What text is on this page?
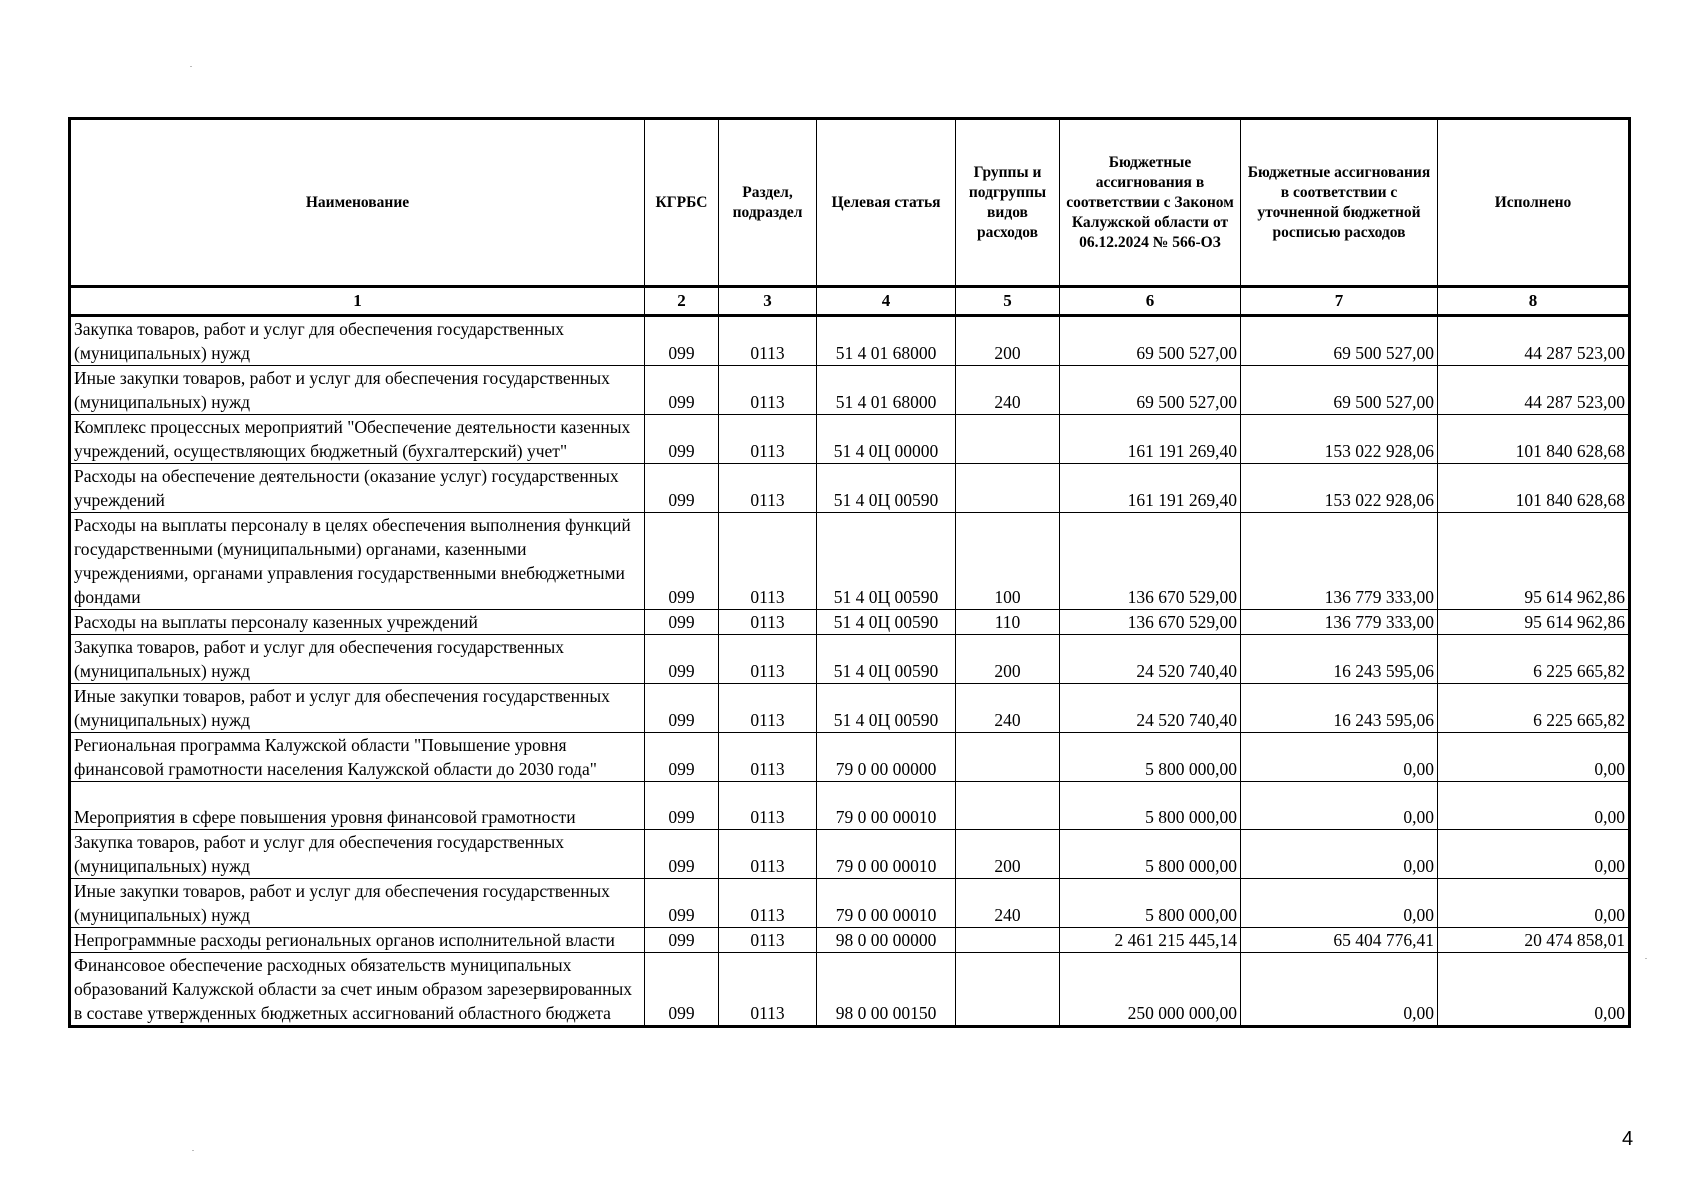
Наименование	КГРБС	Раздел, подраздел	Целевая статья	Группы и подгруппы видов расходов	Бюджетные ассигнования в соответствии с Законом Калужской области от 06.12.2024 № 566-ОЗ	Бюджетные ассигнования в соответствии с уточненной бюджетной росписью расходов	Исполнено
1	2	3	4	5	6	7	8
Закупка товаров, работ и услуг для обеспечения государственных (муниципальных) нужд	099	0113	51 4 01 68000	200	69 500 527,00	69 500 527,00	44 287 523,00
Иные закупки товаров, работ и услуг для обеспечения государственных (муниципальных) нужд	099	0113	51 4 01 68000	240	69 500 527,00	69 500 527,00	44 287 523,00
Комплекс процессных мероприятий "Обеспечение деятельности казенных учреждений, осуществляющих бюджетный (бухгалтерский) учет"	099	0113	51 4 0Ц 00000		161 191 269,40	153 022 928,06	101 840 628,68
Расходы на обеспечение деятельности (оказание услуг) государственных учреждений	099	0113	51 4 0Ц 00590		161 191 269,40	153 022 928,06	101 840 628,68
Расходы на выплаты персоналу в целях обеспечения выполнения функций государственными (муниципальными) органами, казенными учреждениями, органами управления государственными внебюджетными фондами	099	0113	51 4 0Ц 00590	100	136 670 529,00	136 779 333,00	95 614 962,86
Расходы на выплаты персоналу казенных учреждений	099	0113	51 4 0Ц 00590	110	136 670 529,00	136 779 333,00	95 614 962,86
Закупка товаров, работ и услуг для обеспечения государственных (муниципальных) нужд	099	0113	51 4 0Ц 00590	200	24 520 740,40	16 243 595,06	6 225 665,82
Иные закупки товаров, работ и услуг для обеспечения государственных (муниципальных) нужд	099	0113	51 4 0Ц 00590	240	24 520 740,40	16 243 595,06	6 225 665,82
Региональная программа Калужской области "Повышение уровня финансовой грамотности населения Калужской области до 2030 года"	099	0113	79 0 00 00000		5 800 000,00	0,00	0,00
Мероприятия в сфере повышения уровня финансовой грамотности	099	0113	79 0 00 00010		5 800 000,00	0,00	0,00
Закупка товаров, работ и услуг для обеспечения государственных (муниципальных) нужд	099	0113	79 0 00 00010	200	5 800 000,00	0,00	0,00
Иные закупки товаров, работ и услуг для обеспечения государственных (муниципальных) нужд	099	0113	79 0 00 00010	240	5 800 000,00	0,00	0,00
Непрограммные расходы региональных органов исполнительной власти	099	0113	98 0 00 00000		2 461 215 445,14	65 404 776,41	20 474 858,01
Финансовое обеспечение расходных обязательств муниципальных образований Калужской области за счет иным образом зарезервированных в составе утвержденных бюджетных ассигнований областного бюджета	099	0113	98 0 00 00150		250 000 000,00	0,00	0,00
4
